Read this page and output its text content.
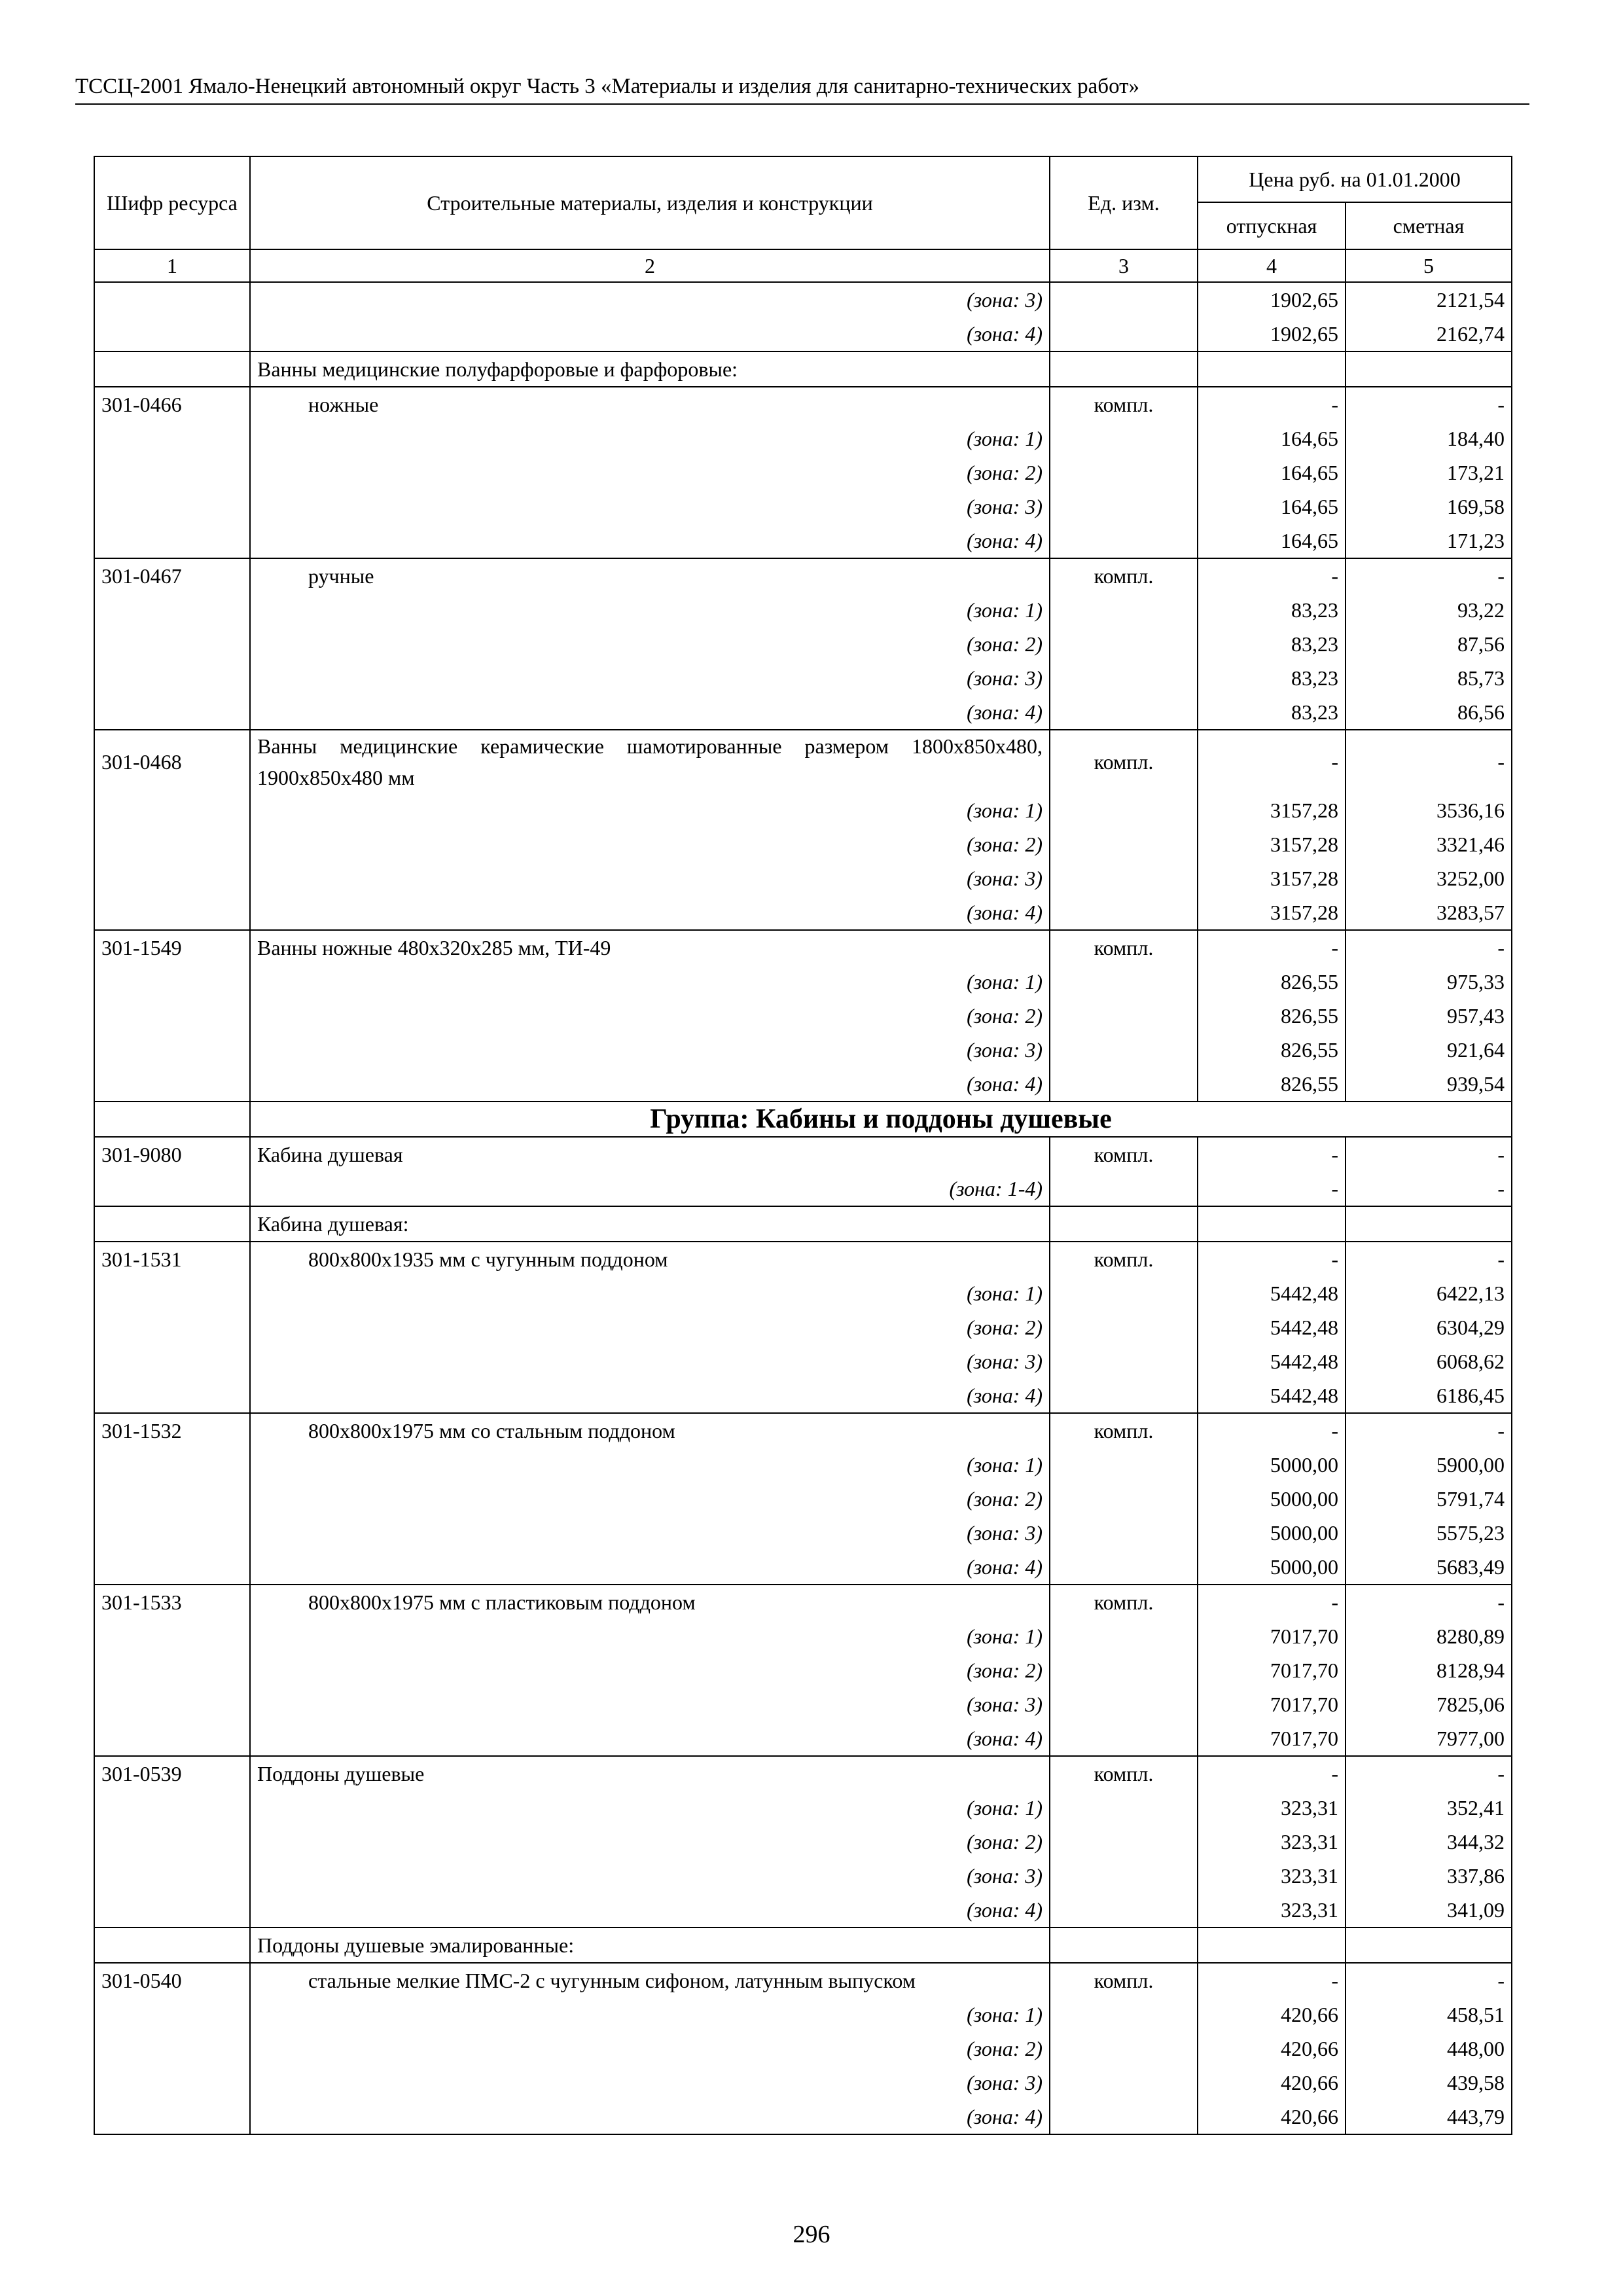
ТССЦ-2001 Ямало-Ненецкий автономный округ Часть 3 «Материалы и изделия для санитарно-технических работ»
Шифр ресурса	Строительные материалы, изделия и конструкции	Ед. изм.	Цена руб. на 01.01.2000	
			отпускная	сметная
1	2	3	4	5
	(зона: 3)		1902,65	2121,54
	(зона: 4)		1902,65	2162,74
	Ванны медицинские полуфарфоровые и фарфоровые:			
301-0466	ножные	компл.	-	-
	(зона: 1)		164,65	184,40
	(зона: 2)		164,65	173,21
	(зона: 3)		164,65	169,58
	(зона: 4)		164,65	171,23
301-0467	ручные	компл.	-	-
	(зона: 1)		83,23	93,22
	(зона: 2)		83,23	87,56
	(зона: 3)		83,23	85,73
	(зона: 4)		83,23	86,56
301-0468	Ванны медицинские керамические шамотированные размером 1800х850х480, 1900х850х480 мм	компл.	-	-
	(зона: 1)		3157,28	3536,16
	(зона: 2)		3157,28	3321,46
	(зона: 3)		3157,28	3252,00
	(зона: 4)		3157,28	3283,57
301-1549	Ванны ножные 480х320х285 мм, ТИ-49	компл.	-	-
	(зона: 1)		826,55	975,33
	(зона: 2)		826,55	957,43
	(зона: 3)		826,55	921,64
	(зона: 4)		826,55	939,54
	Группа: Кабины и поддоны душевые			
301-9080	Кабина душевая	компл.	-	-
	(зона: 1-4)		-	-
	Кабина душевая:			
301-1531	800х800х1935 мм с чугунным поддоном	компл.	-	-
	(зона: 1)		5442,48	6422,13
	(зона: 2)		5442,48	6304,29
	(зона: 3)		5442,48	6068,62
	(зона: 4)		5442,48	6186,45
301-1532	800х800х1975 мм со стальным поддоном	компл.	-	-
	(зона: 1)		5000,00	5900,00
	(зона: 2)		5000,00	5791,74
	(зона: 3)		5000,00	5575,23
	(зона: 4)		5000,00	5683,49
301-1533	800х800х1975 мм с пластиковым поддоном	компл.	-	-
	(зона: 1)		7017,70	8280,89
	(зона: 2)		7017,70	8128,94
	(зона: 3)		7017,70	7825,06
	(зона: 4)		7017,70	7977,00
301-0539	Поддоны душевые	компл.	-	-
	(зона: 1)		323,31	352,41
	(зона: 2)		323,31	344,32
	(зона: 3)		323,31	337,86
	(зона: 4)		323,31	341,09
	Поддоны душевые эмалированные:			
301-0540	стальные мелкие ПМС-2 с чугунным сифоном, латунным выпуском	компл.	-	-
	(зона: 1)		420,66	458,51
	(зона: 2)		420,66	448,00
	(зона: 3)		420,66	439,58
	(зона: 4)		420,66	443,79
296
